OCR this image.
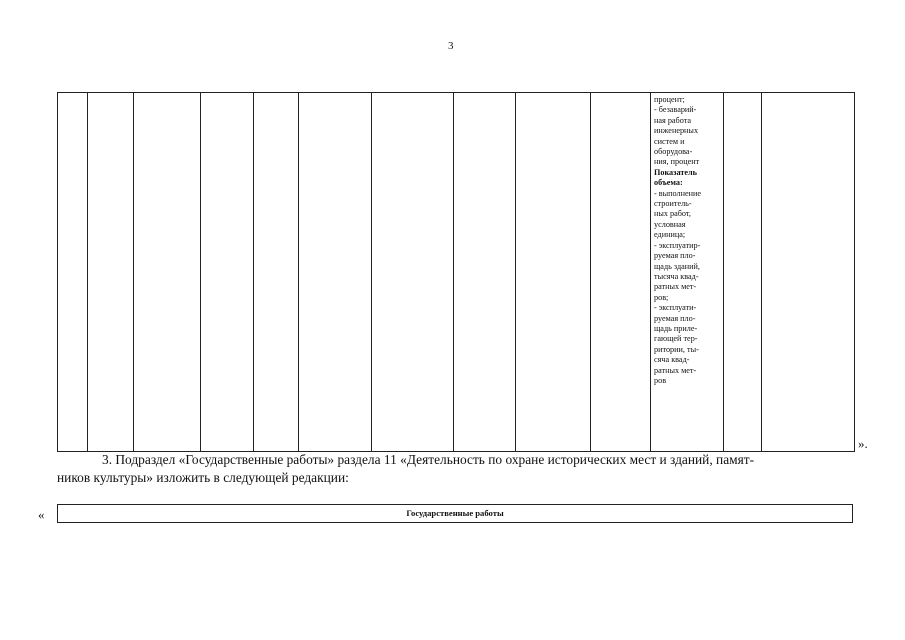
3

процент;
- безаварий-
ная работа
инженерных
систем и
оборудова-
ния, процент
Показатель объема:
- выполнение
строитель-
ных работ,
условная
единица;
- эксплуатир-
руемая пло-
щадь зданий,
тысяча квад-
ратных мет-
ров;
- эксплуати-
руемая пло-
щадь приле-
гающей тер-
ритории, ты-
сяча квад-
ратных мет-
ров

».
3. Подраздел «Государственные работы» раздела 11 «Деятельность по охране исторических мест и зданий, памят-
ников культуры» изложить в следующей редакции:
«	Государственные работы
